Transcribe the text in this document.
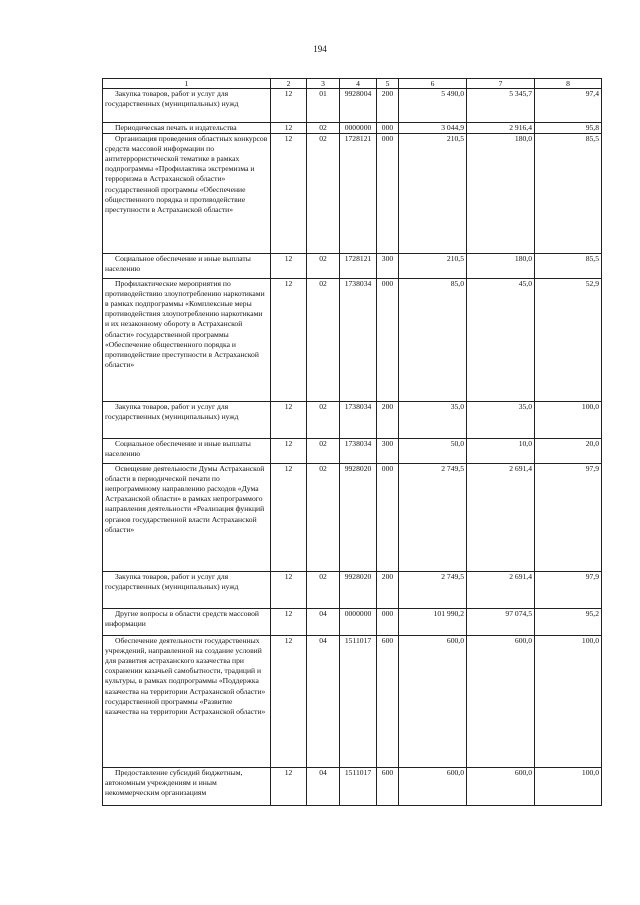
194
1	2	3	4	5	6	7	8
Закупка товаров, работ и услуг для государственных (муниципальных) нужд	12	01	9928004	200	5 490,0	5 345,7	97,4
Периодическая печать и издательства	12	02	0000000	000	3 044,9	2 916,4	95,8
Организация проведения областных конкурсов средств массовой информации по антитеррористической тематике в рамках подпрограммы «Профилактика экстремизма и терроризма в Астраханской области» государственной программы «Обеспечение общественного порядка и противодействие преступности в Астраханской области»	12	02	1728121	000	210,5	180,0	85,5
Социальное обеспечение и иные выплаты населению	12	02	1728121	300	210,5	180,0	85,5
Профилактические мероприятия по противодействию злоупотреблению наркотиками в рамках подпрограммы «Комплексные меры противодействия злоупотреблению наркотиками и их незаконному обороту в Астраханской области» государственной программы «Обеспечение общественного порядка и противодействие преступности в Астраханской области»	12	02	1738034	000	85,0	45,0	52,9
Закупка товаров, работ и услуг для государственных (муниципальных) нужд	12	02	1738034	200	35,0	35,0	100,0
Социальное обеспечение и иные выплаты населению	12	02	1738034	300	50,0	10,0	20,0
Освещение деятельности Думы Астраханской области в периодической печати по непрограммному направлению расходов «Дума Астраханской области» в рамках непрограммого направления деятельности «Реализация функций органов государственной власти Астраханской области»	12	02	9928020	000	2 749,5	2 691,4	97,9
Закупка товаров, работ и услуг для государственных (муниципальных) нужд	12	02	9928020	200	2 749,5	2 691,4	97,9
Другие вопросы в области средств массовой информации	12	04	0000000	000	101 990,2	97 074,5	95,2
Обеспечение деятельности государственных учреждений, направленной на создание условий для развития астраханского казачества при сохранении казачьей самобытности, традиций и культуры, в рамках подпрограммы «Поддержка казачества на территории Астраханской области» государственной программы «Развитие казачества на территории Астраханской области»	12	04	1511017	600	600,0	600,0	100,0
Предоставление субсидий бюджетным, автономным учреждениям и иным некоммерческим организациям	12	04	1511017	600	600,0	600,0	100,0
